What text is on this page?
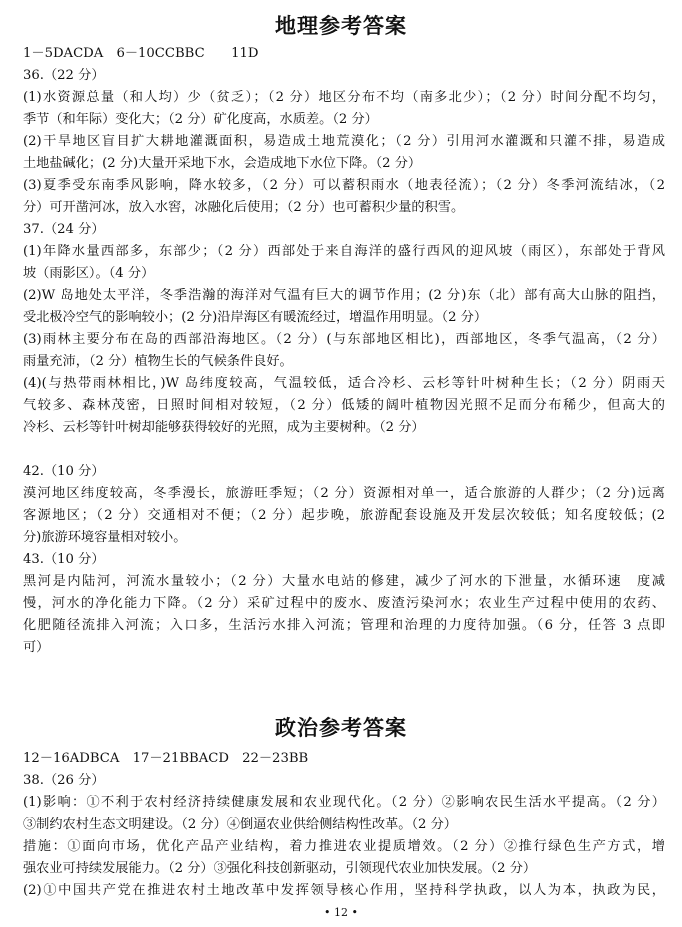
地理参考答案
1－5DACDA　6－10CCBBC　　11D
36.（22 分）
(1)水资源总量（和人均）少（贫乏）；（2 分）地区分布不均（南多北少）；（2 分）时间分配不均匀，
季节（和年际）变化大；（2 分）矿化度高，水质差。（2 分）
(2)干旱地区盲目扩大耕地灌溉面积，易造成土地荒漠化；（2 分）引用河水灌溉和只灌不排，易造成
土地盐碱化；(2 分)大量开采地下水，会造成地下水位下降。（2 分）
(3)夏季受东南季风影响，降水较多，（2 分）可以蓄积雨水（地表径流）；（2 分）冬季河流结冰，（2
分）可开凿河冰，放入水窖，冰融化后使用；（2 分）也可蓄积少量的积雪。
37.（24 分）
(1)年降水量西部多，东部少；（2 分）西部处于来自海洋的盛行西风的迎风坡（雨区），东部处于背风
坡（雨影区）。（4 分）
(2)W 岛地处太平洋，冬季浩瀚的海洋对气温有巨大的调节作用；(2 分)东（北）部有高大山脉的阻挡，
受北极冷空气的影响较小；(2 分)沿岸海区有暖流经过，增温作用明显。（2 分）
(3)雨林主要分布在岛的西部沿海地区。（2 分）(与东部地区相比)，西部地区，冬季气温高，（2 分）
雨量充沛，（2 分）植物生长的气候条件良好。
(4)(与热带雨林相比，)W 岛纬度较高，气温较低，适合冷杉、云杉等针叶树种生长；（2 分）阴雨天
气较多、森林茂密，日照时间相对较短，（2 分）低矮的阔叶植物因光照不足而分布稀少，但高大的
冷杉、云杉等针叶树却能够获得较好的光照，成为主要树种。（2 分）
42.（10 分）
漠河地区纬度较高，冬季漫长，旅游旺季短；（2 分）资源相对单一，适合旅游的人群少；（2 分)远离
客源地区；（2 分）交通相对不便；（2 分）起步晚，旅游配套设施及开发层次较低；知名度较低；(2
分)旅游环境容量相对较小。
43.（10 分）
黑河是内陆河，河流水量较小；（2 分）大量水电站的修建，减少了河水的下泄量，水循环速　度减
慢，河水的净化能力下降。（2 分）采矿过程中的废水、废渣污染河水；农业生产过程中使用的农药、
化肥随径流排入河流；入口多，生活污水排入河流；管理和治理的力度待加强。（6 分，任答 3 点即
可）
政治参考答案
12－16ADBCA　17－21BBACD　22－23BB
38.（26 分）
(1)影响：①不利于农村经济持续健康发展和农业现代化。（2 分）②影响农民生活水平提高。（2 分）
③制约农村生态文明建设。（2 分）④倒逼农业供给侧结构性改革。（2 分）
措施：①面向市场，优化产品产业结构，着力推进农业提质增效。（2 分）②推行绿色生产方式，增
强农业可持续发展能力。（2 分）③强化科技创新驱动，引领现代农业加快发展。（2 分）
(2)①中国共产党在推进农村土地改革中发挥领导核心作用，坚持科学执政，以人为本，执政为民，
• 12 •
